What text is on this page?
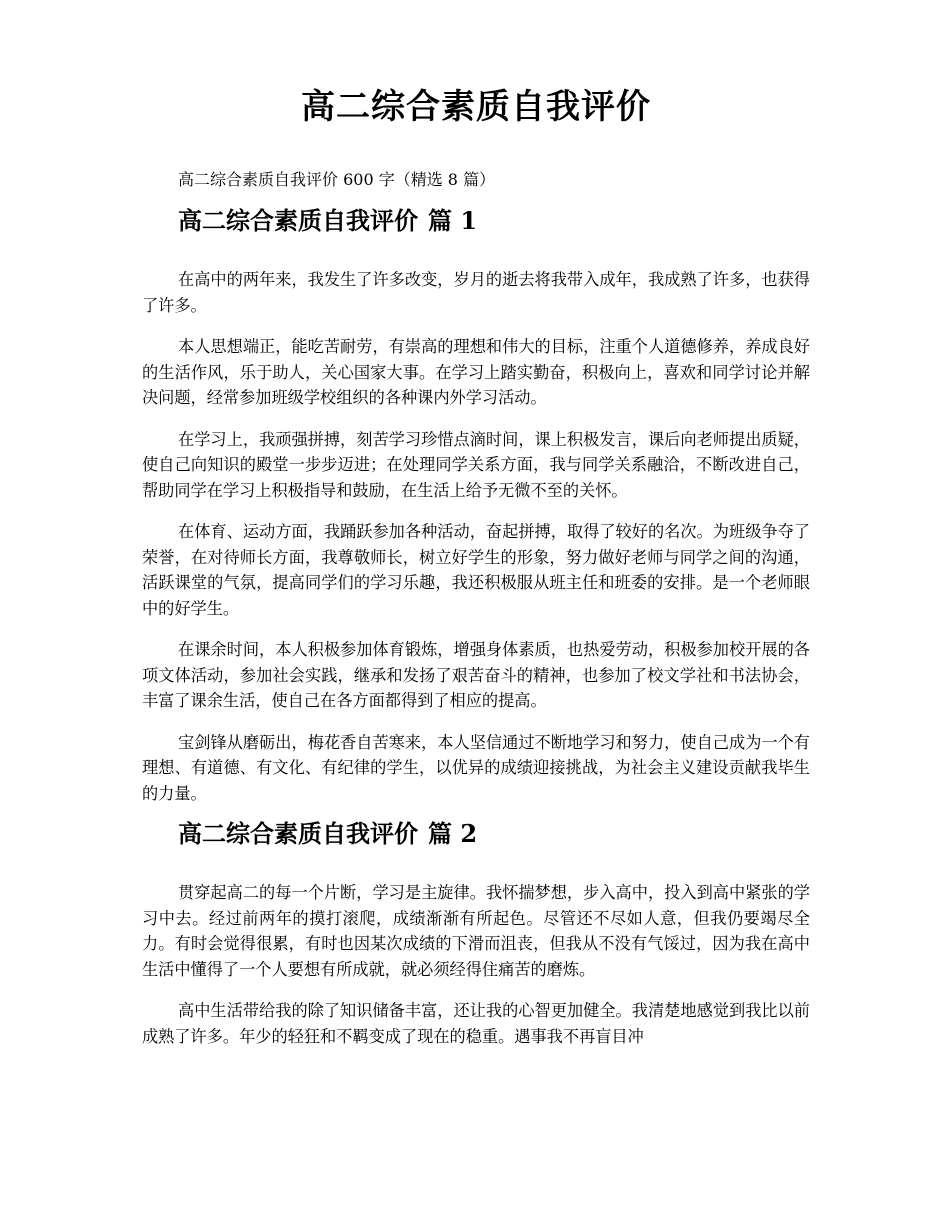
高二综合素质自我评价

高二综合素质自我评价 600 字（精选 8 篇）

高二综合素质自我评价 篇 1

在高中的两年来，我发生了许多改变，岁月的逝去将我带入成年，我成熟了许多，也获得了许多。

本人思想端正，能吃苦耐劳，有崇高的理想和伟大的目标，注重个人道德修养，养成良好的生活作风，乐于助人，关心国家大事。在学习上踏实勤奋，积极向上，喜欢和同学讨论并解决问题，经常参加班级学校组织的各种课内外学习活动。

在学习上，我顽强拼搏，刻苦学习珍惜点滴时间，课上积极发言，课后向老师提出质疑，使自己向知识的殿堂一步步迈进；在处理同学关系方面，我与同学关系融洽，不断改进自己，帮助同学在学习上积极指导和鼓励，在生活上给予无微不至的关怀。

在体育、运动方面，我踊跃参加各种活动，奋起拼搏，取得了较好的名次。为班级争夺了荣誉，在对待师长方面，我尊敬师长，树立好学生的形象，努力做好老师与同学之间的沟通，活跃课堂的气氛，提高同学们的学习乐趣，我还积极服从班主任和班委的安排。是一个老师眼中的好学生。

在课余时间，本人积极参加体育锻炼，增强身体素质，也热爱劳动，积极参加校开展的各项文体活动，参加社会实践，继承和发扬了艰苦奋斗的精神，也参加了校文学社和书法协会，丰富了课余生活，使自己在各方面都得到了相应的提高。

宝剑锋从磨砺出，梅花香自苦寒来，本人坚信通过不断地学习和努力，使自己成为一个有理想、有道德、有文化、有纪律的学生，以优异的成绩迎接挑战，为社会主义建设贡献我毕生的力量。

高二综合素质自我评价 篇 2

贯穿起高二的每一个片断，学习是主旋律。我怀揣梦想，步入高中，投入到高中紧张的学习中去。经过前两年的摸打滚爬，成绩渐渐有所起色。尽管还不尽如人意，但我仍要竭尽全力。有时会觉得很累，有时也因某次成绩的下滑而沮丧，但我从不没有气馁过，因为我在高中生活中懂得了一个人要想有所成就，就必须经得住痛苦的磨炼。

高中生活带给我的除了知识储备丰富，还让我的心智更加健全。我清楚地感觉到我比以前成熟了许多。年少的轻狂和不羁变成了现在的稳重。遇事我不再盲目冲
